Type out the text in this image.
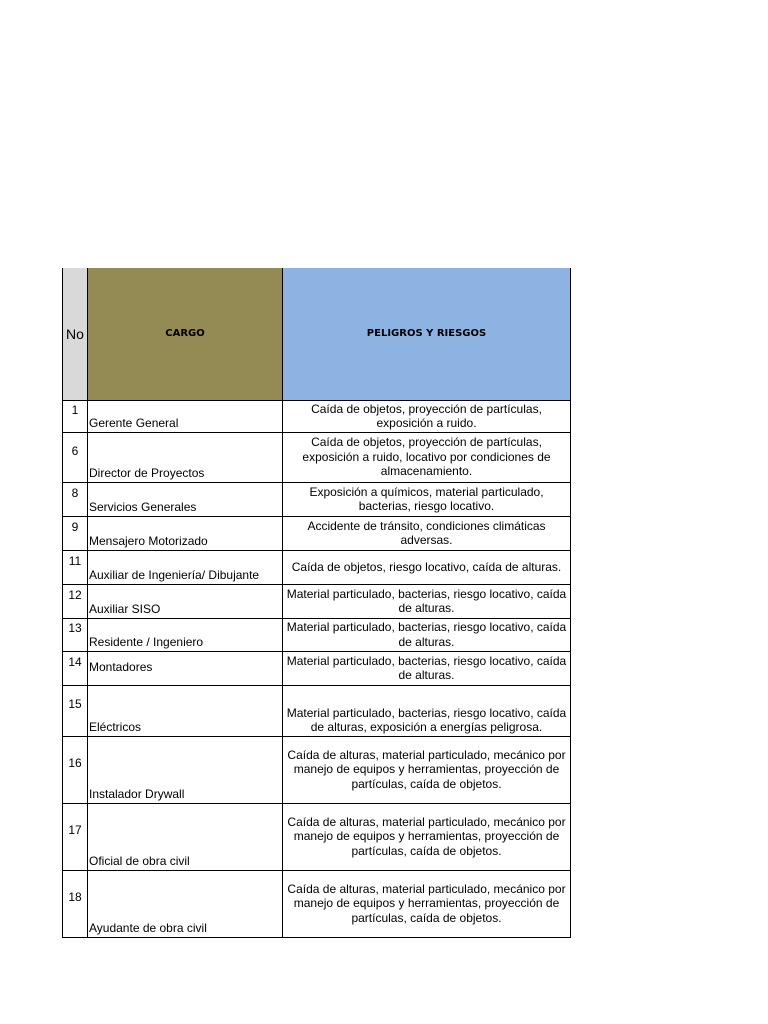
No	CARGO	PELIGROS Y RIESGOS
1	Gerente General	Caída de objetos, proyección de partículas, exposición a ruido.
6	Director de Proyectos	Caída de objetos, proyección de partículas, exposición a ruido, locativo por condiciones de almacenamiento.
8	Servicios Generales	Exposición a químicos, material particulado, bacterias, riesgo locativo.
9	Mensajero Motorizado	Accidente de tránsito, condiciones climáticas adversas.
11	Auxiliar de Ingeniería/ Dibujante	Caída de objetos, riesgo locativo, caída de alturas.
12	Auxiliar SISO	Material particulado, bacterias, riesgo locativo, caída de alturas.
13	Residente / Ingeniero	Material particulado, bacterias, riesgo locativo, caída de alturas.
14	Montadores	Material particulado, bacterias, riesgo locativo, caída de alturas.
15	Eléctricos	Material particulado, bacterias, riesgo locativo, caída de alturas, exposición a energías peligrosa.
16	Instalador Drywall	Caída de alturas, material particulado, mecánico por manejo de equipos y herramientas, proyección de partículas, caída de objetos.
17	Oficial de obra civil	Caída de alturas, material particulado, mecánico por manejo de equipos y herramientas, proyección de partículas, caída de objetos.
18	Ayudante de obra civil	Caída de alturas, material particulado, mecánico por manejo de equipos y herramientas, proyección de partículas, caída de objetos.
